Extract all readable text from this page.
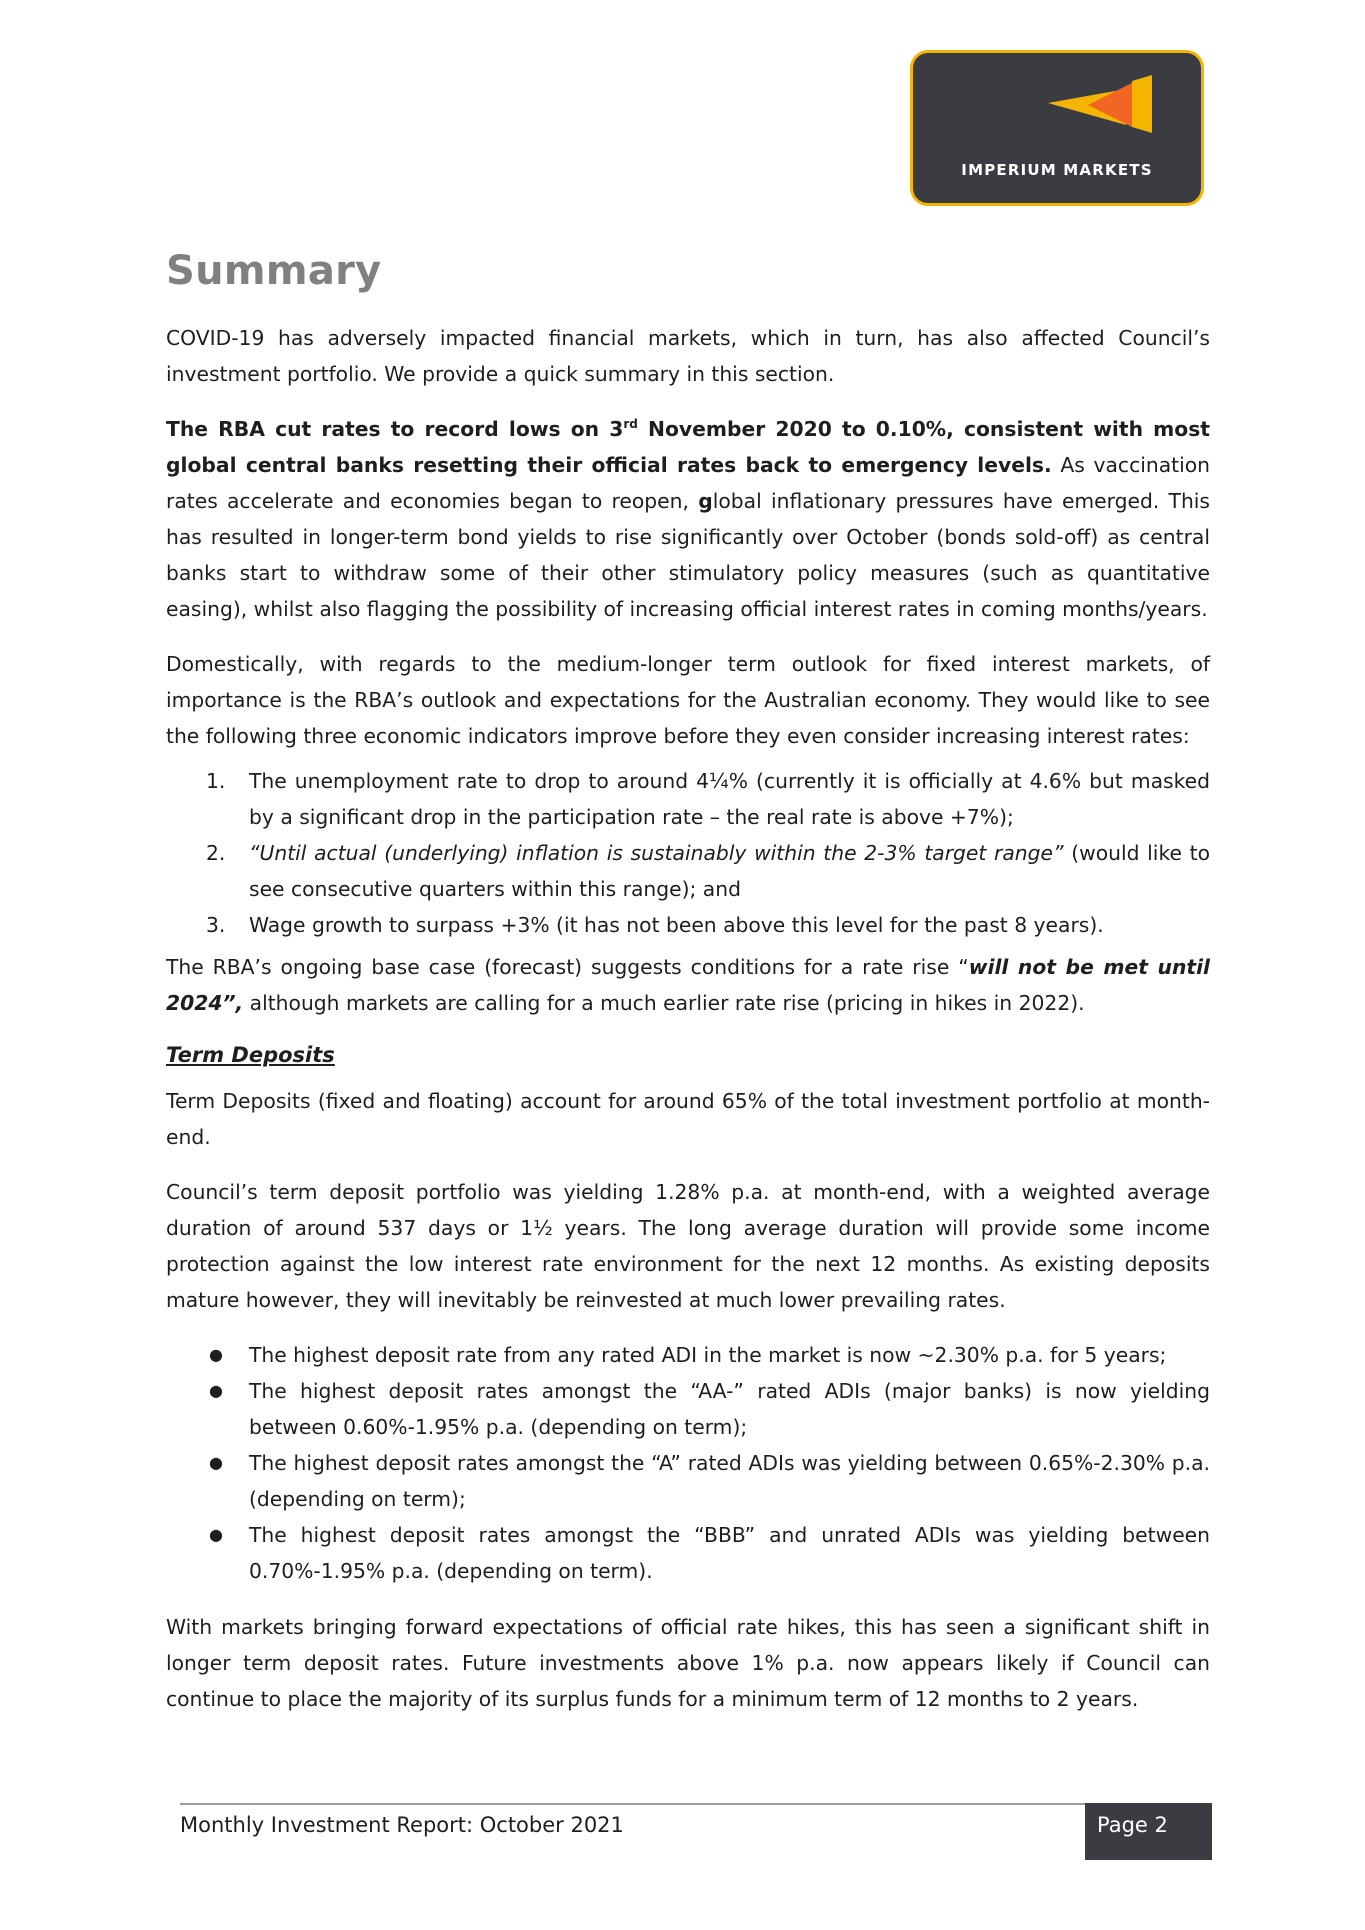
IMPERIUM MARKETS
Summary

COVID-19 has adversely impacted financial markets, which in turn, has also affected Council’s investment portfolio. We provide a quick summary in this section.

The RBA cut rates to record lows on 3rd November 2020 to 0.10%, consistent with most global central banks resetting their official rates back to emergency levels. As vaccination rates accelerate and economies began to reopen, global inflationary pressures have emerged. This has resulted in longer-term bond yields to rise significantly over October (bonds sold-off) as central banks start to withdraw some of their other stimulatory policy measures (such as quantitative easing), whilst also flagging the possibility of increasing official interest rates in coming months/years.

Domestically, with regards to the medium-longer term outlook for fixed interest markets, of importance is the RBA’s outlook and expectations for the Australian economy. They would like to see the following three economic indicators improve before they even consider increasing interest rates:

1. The unemployment rate to drop to around 4¼% (currently it is officially at 4.6% but masked by a significant drop in the participation rate – the real rate is above +7%);
2. “Until actual (underlying) inflation is sustainably within the 2-3% target range” (would like to see consecutive quarters within this range); and
3. Wage growth to surpass +3% (it has not been above this level for the past 8 years).

The RBA’s ongoing base case (forecast) suggests conditions for a rate rise “will not be met until 2024”, although markets are calling for a much earlier rate rise (pricing in hikes in 2022).

Term Deposits

Term Deposits (fixed and floating) account for around 65% of the total investment portfolio at month-end.

Council’s term deposit portfolio was yielding 1.28% p.a. at month-end, with a weighted average duration of around 537 days or 1½ years. The long average duration will provide some income protection against the low interest rate environment for the next 12 months. As existing deposits mature however, they will inevitably be reinvested at much lower prevailing rates.

● The highest deposit rate from any rated ADI in the market is now ~2.30% p.a. for 5 years;
● The highest deposit rates amongst the “AA-” rated ADIs (major banks) is now yielding between 0.60%-1.95% p.a. (depending on term);
● The highest deposit rates amongst the “A” rated ADIs was yielding between 0.65%-2.30% p.a. (depending on term);
● The highest deposit rates amongst the “BBB” and unrated ADIs was yielding between 0.70%-1.95% p.a. (depending on term).

With markets bringing forward expectations of official rate hikes, this has seen a significant shift in longer term deposit rates. Future investments above 1% p.a. now appears likely if Council can continue to place the majority of its surplus funds for a minimum term of 12 months to 2 years.

Monthly Investment Report: October 2021	Page 2
